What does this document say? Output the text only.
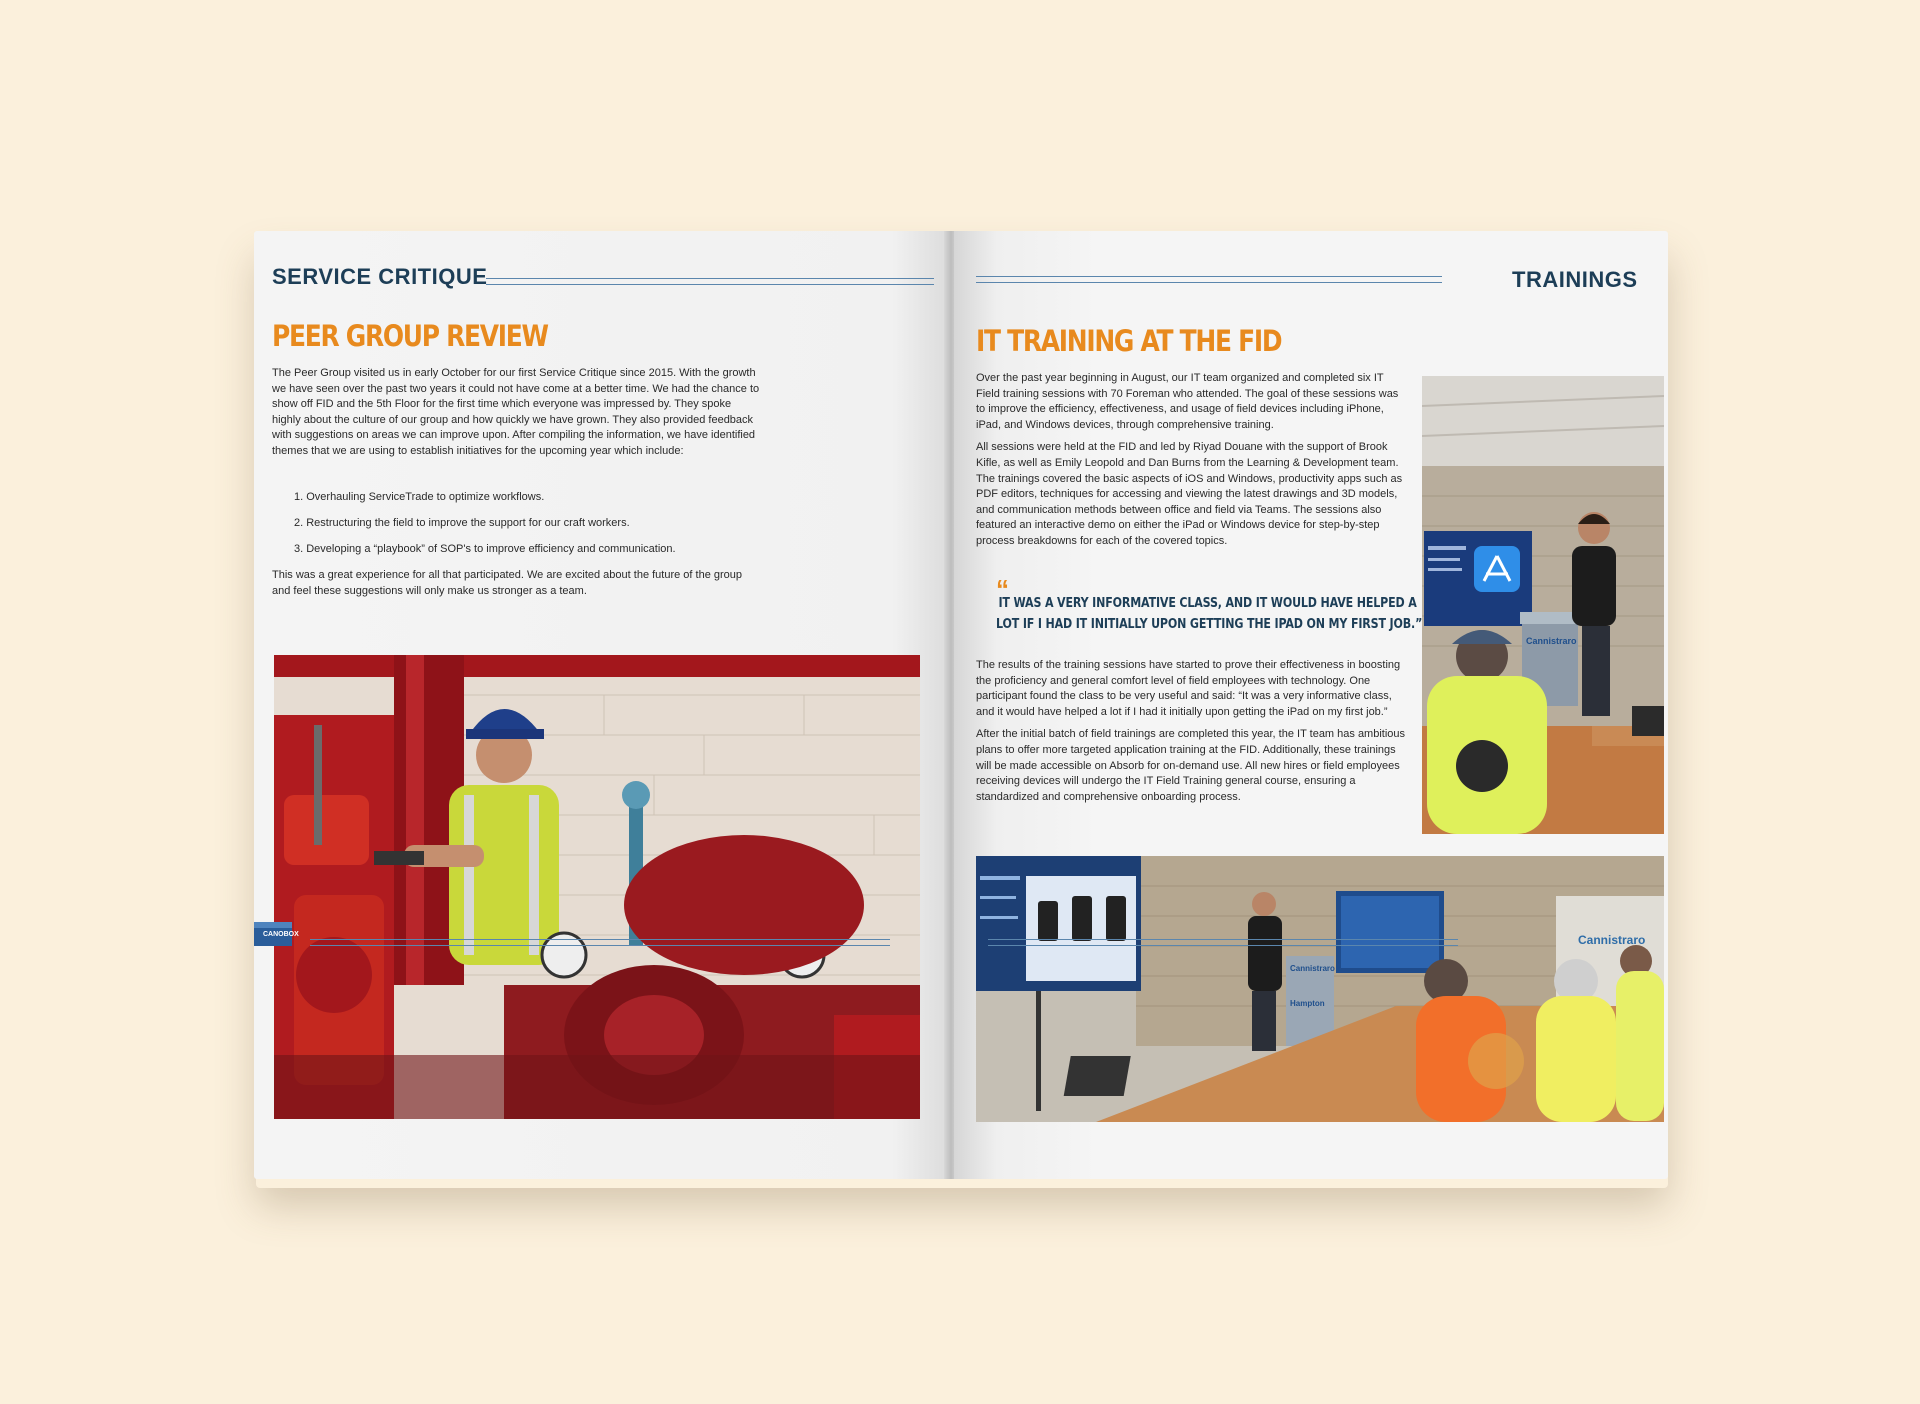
SERVICE CRITIQUE
PEER GROUP REVIEW

The Peer Group visited us in early October for our first Service Critique since 2015. With the growth we have seen over the past two years it could not have come at a better time. We had the chance to show off FID and the 5th Floor for the first time which everyone was impressed by. They spoke highly about the culture of our group and how quickly we have grown. They also provided feedback with suggestions on areas we can improve upon. After compiling the information, we have identified themes that we are using to establish initiatives for the upcoming year which include:

1. Overhauling ServiceTrade to optimize workflows.
2. Restructuring the field to improve the support for our craft workers.
3. Developing a “playbook” of SOP's to improve efficiency and communication.

This was a great experience for all that participated. We are excited about the future of the group and feel these suggestions will only make us stronger as a team.

CANOBOX
TRAININGS
IT TRAINING AT THE FID

Over the past year beginning in August, our IT team organized and completed six IT Field training sessions with 70 Foreman who attended. The goal of these sessions was to improve the efficiency, effectiveness, and usage of field devices including iPhone, iPad, and Windows devices, through comprehensive training.

All sessions were held at the FID and led by Riyad Douane with the support of Brook Kifle, as well as Emily Leopold and Dan Burns from the Learning & Development team. The trainings covered the basic aspects of iOS and Windows, productivity apps such as PDF editors, techniques for accessing and viewing the latest drawings and 3D models, and communication methods between office and field via Teams. The sessions also featured an interactive demo on either the iPad or Windows device for step-by-step process breakdowns for each of the covered topics.

“
IT WAS A VERY INFORMATIVE CLASS, AND IT WOULD HAVE HELPED A
LOT IF I HAD IT INITIALLY UPON GETTING THE IPAD ON MY FIRST JOB.”

The results of the training sessions have started to prove their effectiveness in boosting the proficiency and general comfort level of field employees with technology. One participant found the class to be very useful and said: “It was a very informative class, and it would have helped a lot if I had it initially upon getting the iPad on my first job.”

After the initial batch of field trainings are completed this year, the IT team has ambitious plans to offer more targeted application training at the FID. Additionally, these trainings will be made accessible on Absorb for on-demand use. All new hires or field employees receiving devices will undergo the IT Field Training general course, ensuring a standardized and comprehensive onboarding process.

Cannistraro
Cannistraro
Hampton
Cannistraro
